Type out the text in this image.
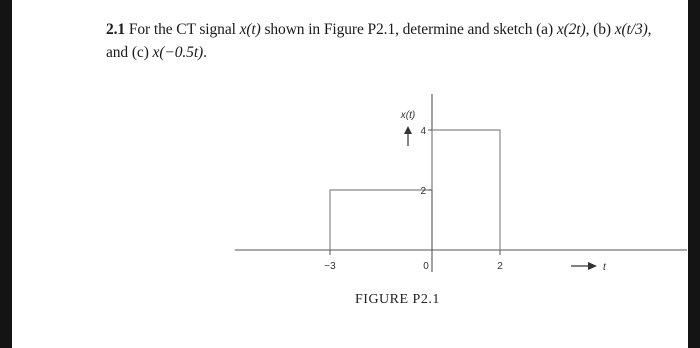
2.1 For the CT signal x(t) shown in Figure P2.1, determine and sketch (a) x(2t), (b) x(t/3),
and (c) x(−0.5t).
−3	0	2
2
4
x(t)
t
FIGURE P2.1
